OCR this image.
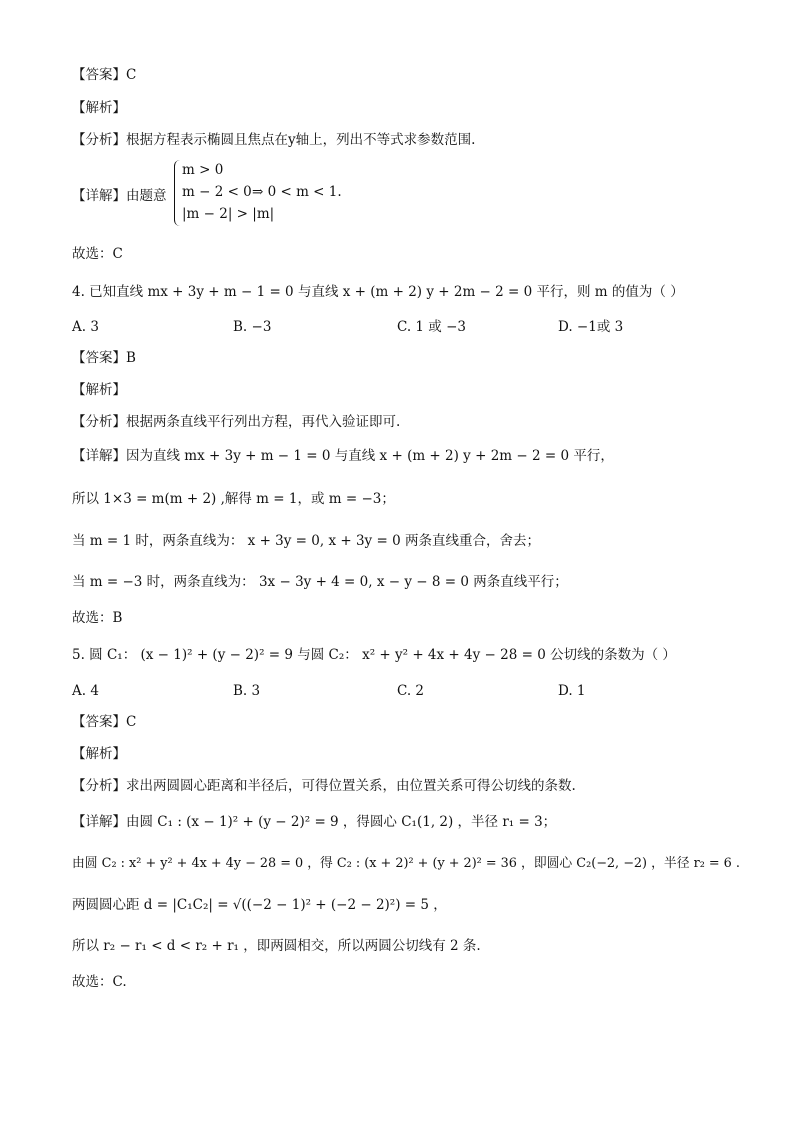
【答案】C
【解析】
【分析】根据方程表示椭圆且焦点在y轴上，列出不等式求参数范围.
【详解】由题意
m > 0
m − 2 < 0
|m − 2| > |m|
⇒ 0 < m < 1.
故选：C
4. 已知直线 mx + 3y + m − 1 = 0 与直线 x + (m + 2) y + 2m − 2 = 0 平行，则 m 的值为（ ）
A. 3	B. −3	C. 1 或 −3	D. −1或 3
【答案】B
【解析】
【分析】根据两条直线平行列出方程，再代入验证即可.
【详解】因为直线 mx + 3y + m − 1 = 0 与直线 x + (m + 2) y + 2m − 2 = 0 平行，
所以 1×3 = m(m + 2) ,解得 m = 1，或 m = −3；
当 m = 1 时，两条直线为： x + 3y = 0, x + 3y = 0 两条直线重合，舍去；
当 m = −3 时，两条直线为： 3x − 3y + 4 = 0, x − y − 8 = 0 两条直线平行；
故选：B
5. 圆 C₁： (x − 1)² + (y − 2)² = 9 与圆 C₂： x² + y² + 4x + 4y − 28 = 0 公切线的条数为（ ）
A. 4	B. 3	C. 2	D. 1
【答案】C
【解析】
【分析】求出两圆圆心距离和半径后，可得位置关系，由位置关系可得公切线的条数.
【详解】由圆 C₁ : (x − 1)² + (y − 2)² = 9 ，得圆心 C₁(1, 2) ，半径 r₁ = 3；
由圆 C₂ : x² + y² + 4x + 4y − 28 = 0 ，得 C₂ : (x + 2)² + (y + 2)² = 36 ，即圆心 C₂(−2, −2) ，半径 r₂ = 6 .
两圆圆心距 d = |C₁C₂| = √((−2 − 1)² + (−2 − 2)²) = 5 ，
所以 r₂ − r₁ < d < r₂ + r₁ ，即两圆相交，所以两圆公切线有 2 条.
故选：C.
